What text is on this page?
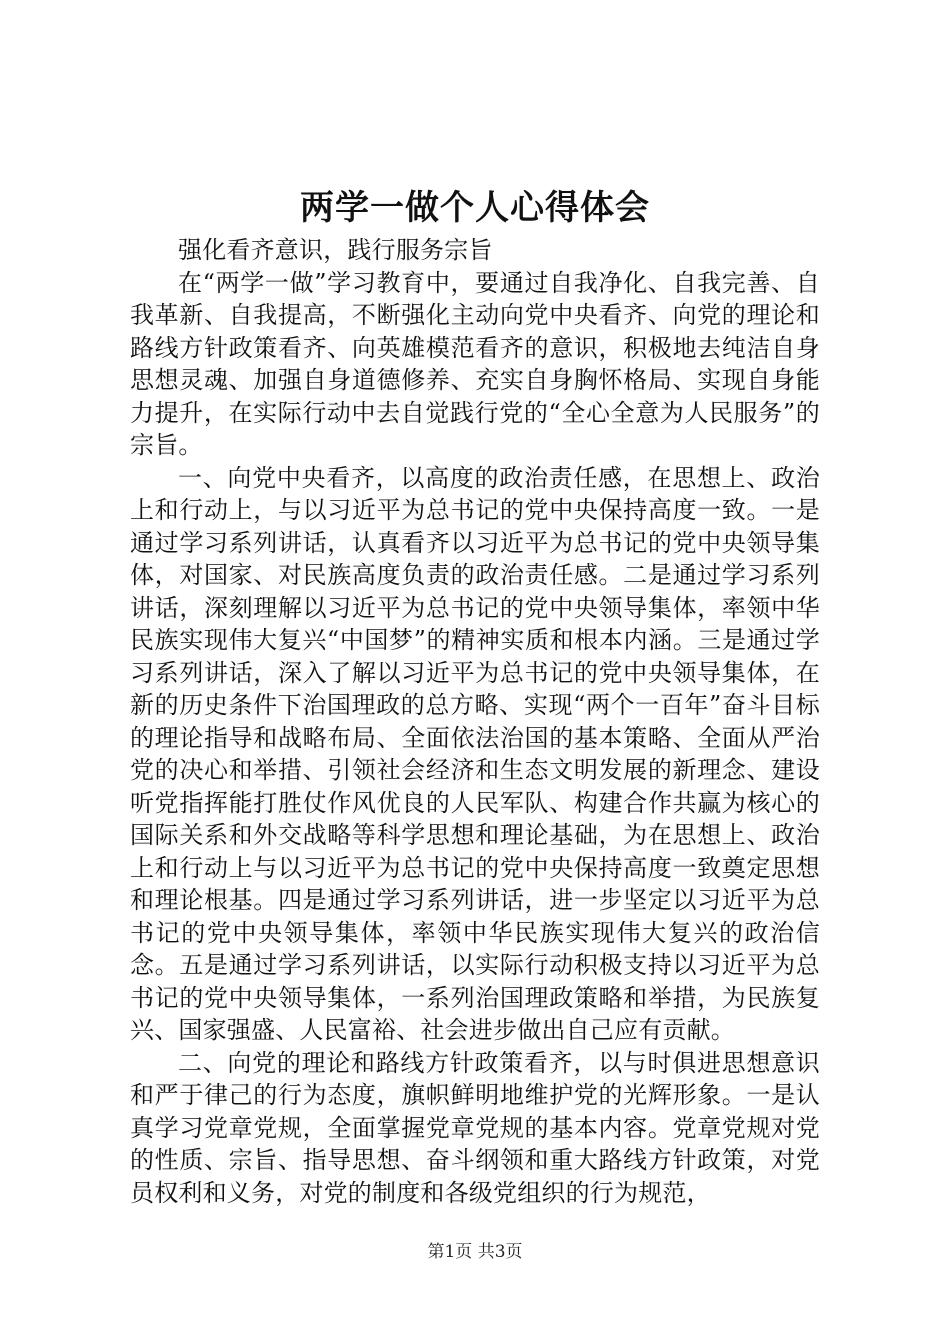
两学一做个人心得体会

强化看齐意识，践行服务宗旨

在“两学一做”学习教育中，要通过自我净化、自我完善、自我革新、自我提高，不断强化主动向党中央看齐、向党的理论和路线方针政策看齐、向英雄模范看齐的意识，积极地去纯洁自身思想灵魂、加强自身道德修养、充实自身胸怀格局、实现自身能力提升，在实际行动中去自觉践行党的“全心全意为人民服务”的宗旨。

一、向党中央看齐，以高度的政治责任感，在思想上、政治上和行动上，与以习近平为总书记的党中央保持高度一致。一是通过学习系列讲话，认真看齐以习近平为总书记的党中央领导集体，对国家、对民族高度负责的政治责任感。二是通过学习系列讲话，深刻理解以习近平为总书记的党中央领导集体，率领中华民族实现伟大复兴“中国梦”的精神实质和根本内涵。三是通过学习系列讲话，深入了解以习近平为总书记的党中央领导集体，在新的历史条件下治国理政的总方略、实现“两个一百年”奋斗目标的理论指导和战略布局、全面依法治国的基本策略、全面从严治党的决心和举措、引领社会经济和生态文明发展的新理念、建设听党指挥能打胜仗作风优良的人民军队、构建合作共赢为核心的国际关系和外交战略等科学思想和理论基础，为在思想上、政治上和行动上与以习近平为总书记的党中央保持高度一致奠定思想和理论根基。四是通过学习系列讲话，进一步坚定以习近平为总书记的党中央领导集体，率领中华民族实现伟大复兴的政治信念。五是通过学习系列讲话，以实际行动积极支持以习近平为总书记的党中央领导集体，一系列治国理政策略和举措，为民族复兴、国家强盛、人民富裕、社会进步做出自己应有贡献。

二、向党的理论和路线方针政策看齐，以与时俱进思想意识和严于律己的行为态度，旗帜鲜明地维护党的光辉形象。一是认真学习党章党规，全面掌握党章党规的基本内容。党章党规对党的性质、宗旨、指导思想、奋斗纲领和重大路线方针政策，对党员权利和义务，对党的制度和各级党组织的行为规范，

第1页 共3页
